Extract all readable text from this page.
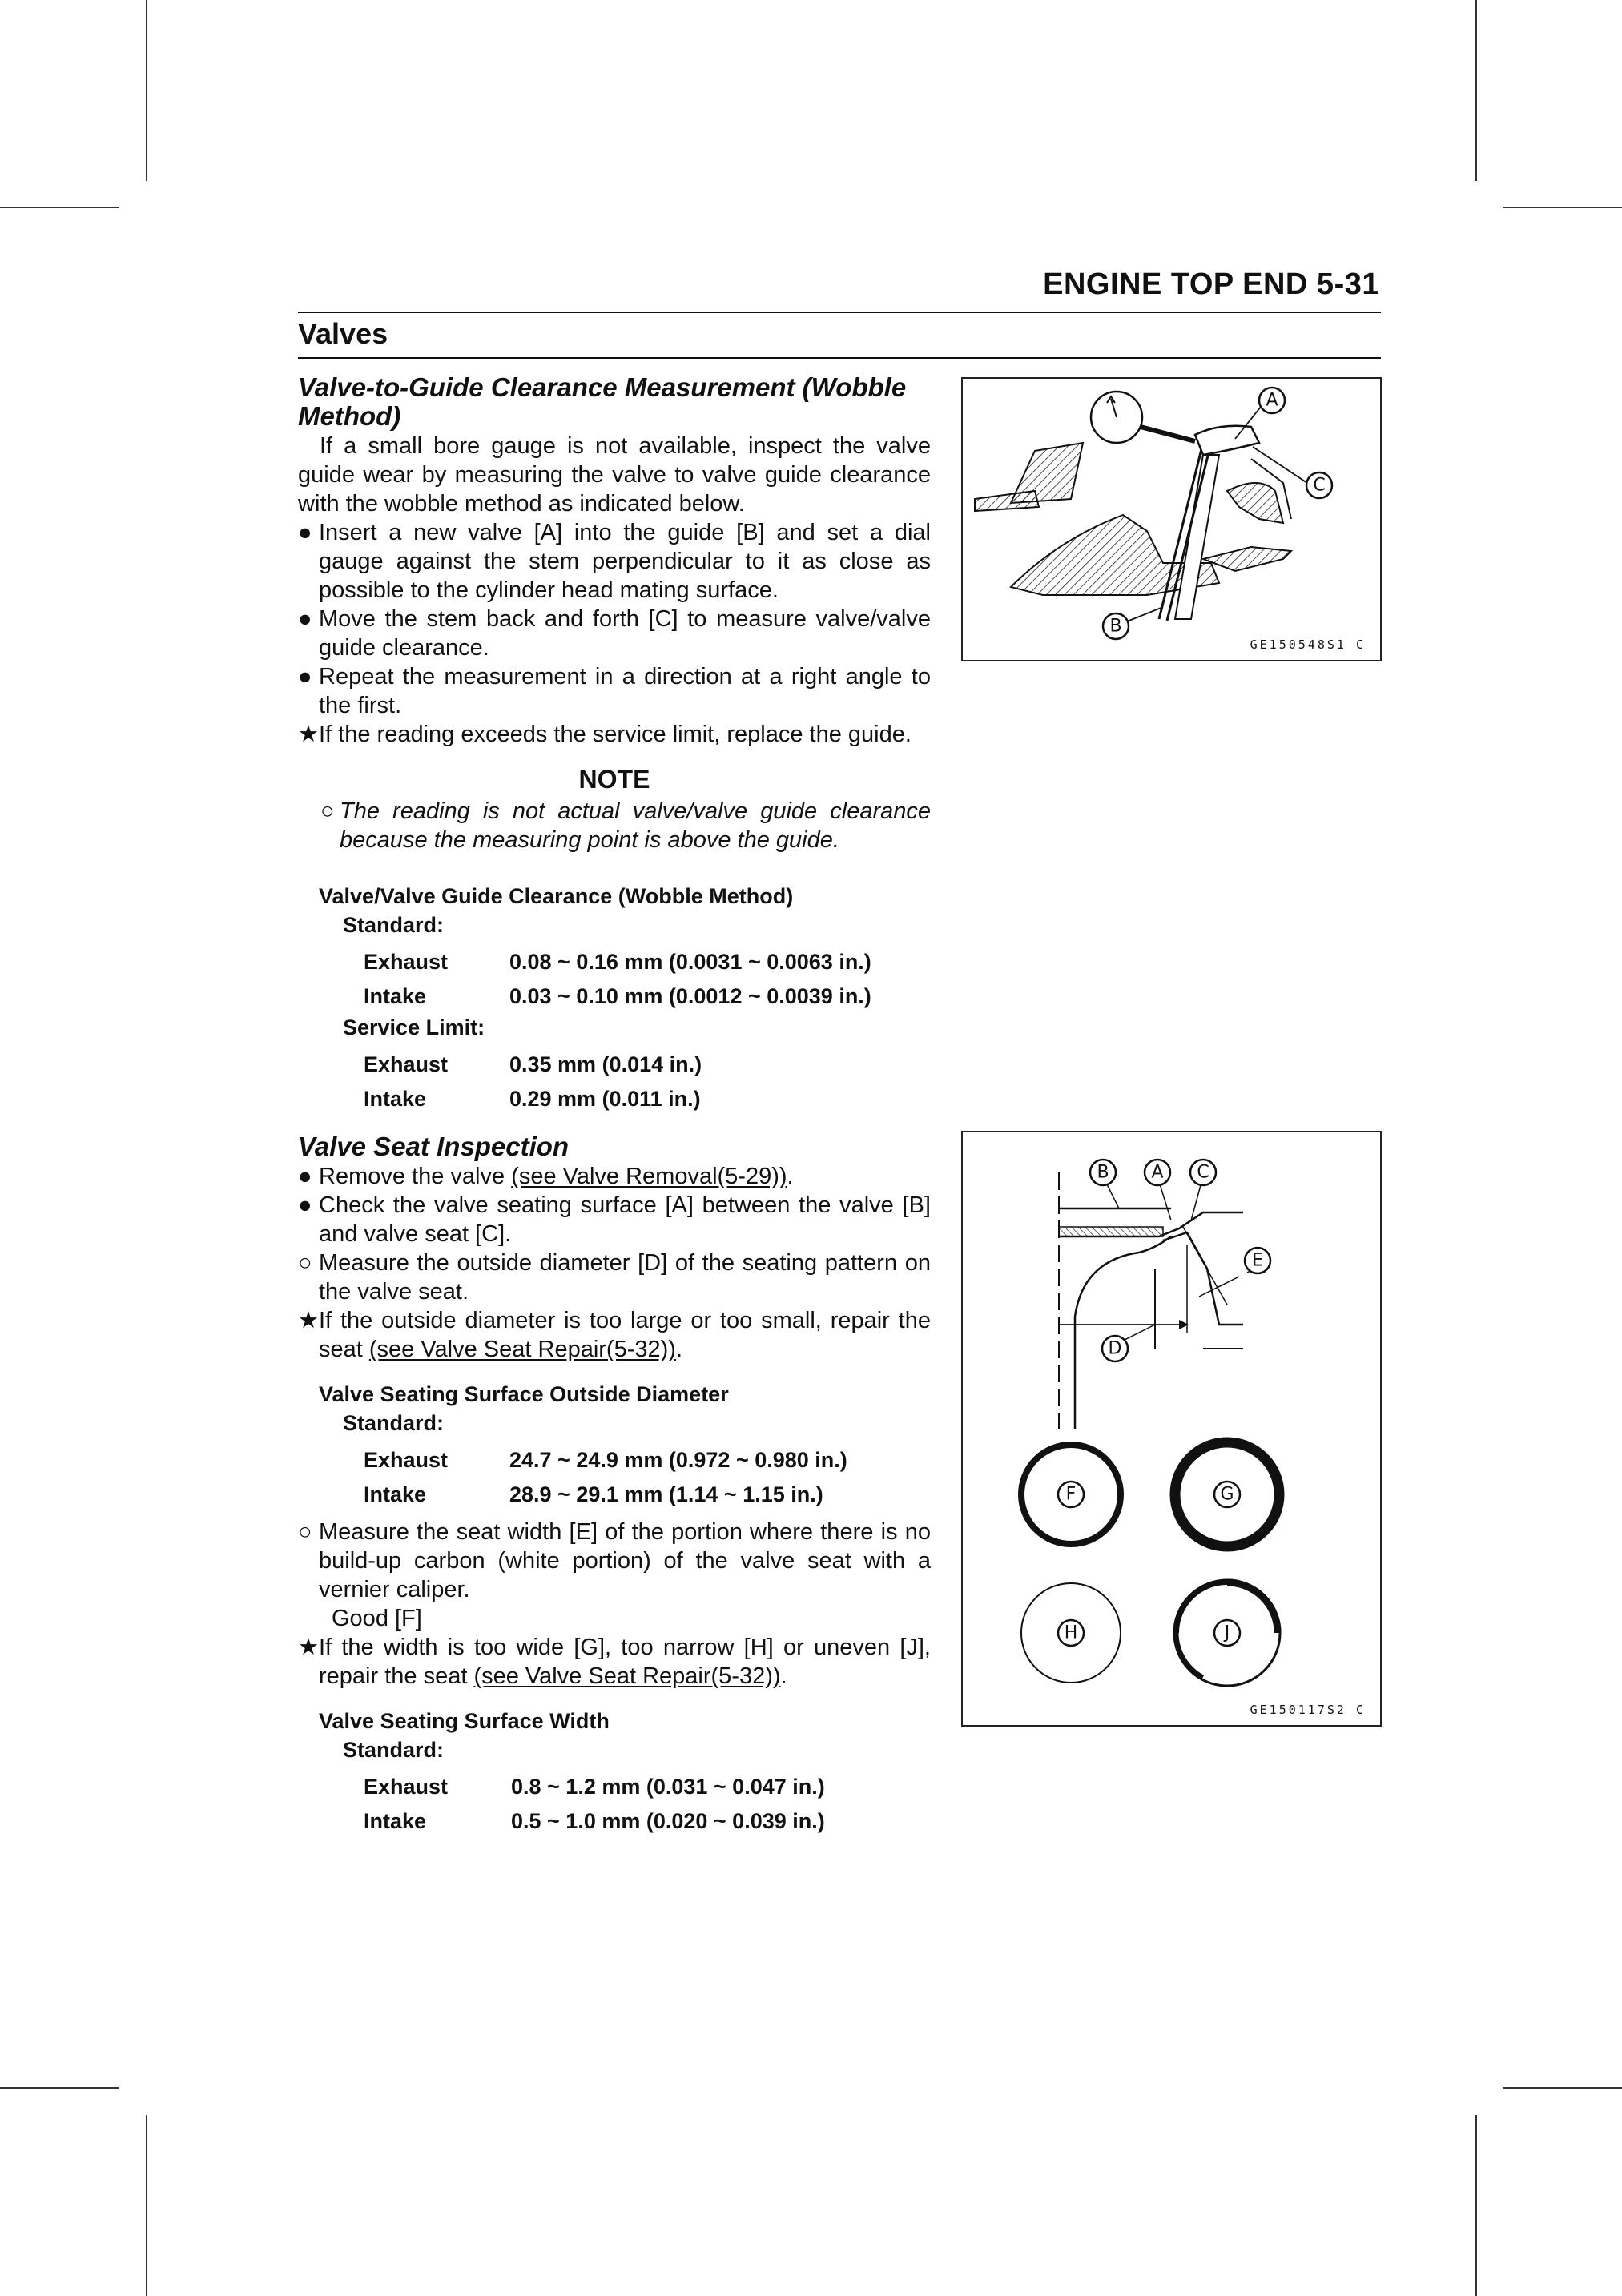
ENGINE TOP END 5-31
Valves
Valve-to-Guide Clearance Measurement (Wobble Method)

If a small bore gauge is not available, inspect the valve guide wear by measuring the valve to valve guide clearance with the wobble method as indicated below.

● Insert a new valve [A] into the guide [B] and set a dial gauge against the stem perpendicular to it as close as possible to the cylinder head mating surface.

● Move the stem back and forth [C] to measure valve/valve guide clearance.

● Repeat the measurement in a direction at a right angle to the first.

★ If the reading exceeds the service limit, replace the guide.

NOTE

○ The reading is not actual valve/valve guide clearance because the measuring point is above the guide.

Valve/Valve Guide Clearance (Wobble Method)
Standard:
Exhaust	0.08 ~ 0.16 mm (0.0031 ~ 0.0063 in.)
Intake	0.03 ~ 0.10 mm (0.0012 ~ 0.0039 in.)
Service Limit:
Exhaust	0.35 mm (0.014 in.)
Intake	0.29 mm (0.011 in.)
Valve Seat Inspection

● Remove the valve (see Valve Removal(5-29)).

● Check the valve seating surface [A] between the valve [B] and valve seat [C].

○ Measure the outside diameter [D] of the seating pattern on the valve seat.

★ If the outside diameter is too large or too small, repair the seat (see Valve Seat Repair(5-32)).

Valve Seating Surface Outside Diameter
Standard:
Exhaust	24.7 ~ 24.9 mm (0.972 ~ 0.980 in.)
Intake	28.9 ~ 29.1 mm (1.14 ~ 1.15 in.)

○ Measure the seat width [E] of the portion where there is no build-up carbon (white portion) of the valve seat with a vernier caliper.

Good [F]

★ If the width is too wide [G], too narrow [H] or uneven [J], repair the seat (see Valve Seat Repair(5-32)).

Valve Seating Surface Width
Standard:
Exhaust	0.8 ~ 1.2 mm (0.031 ~ 0.047 in.)
Intake	0.5 ~ 1.0 mm (0.020 ~ 0.039 in.)
A
C
B
GE150548S1 C
B A C
E
D
F	G
H	J
GE150117S2 C
